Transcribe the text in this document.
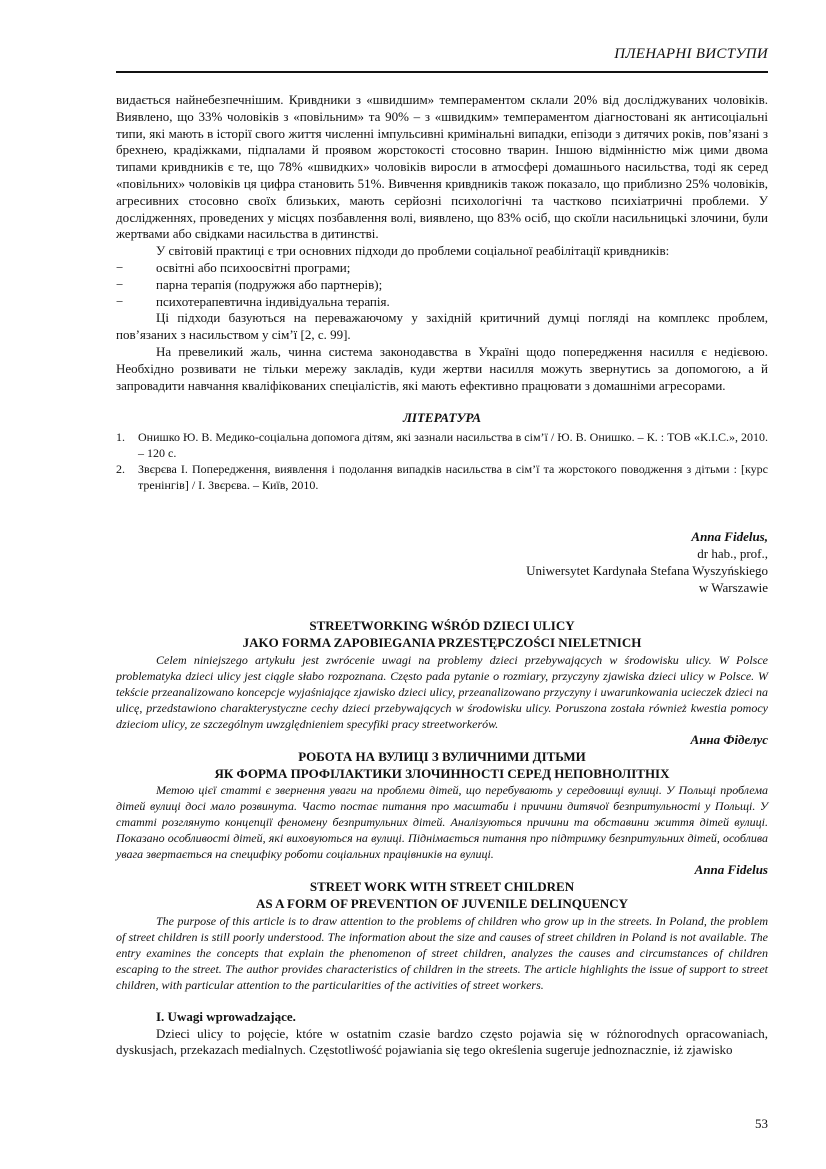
ПЛЕНАРНІ ВИСТУПИ

видається найнебезпечнішим. Кривдники з «швидшим» темпераментом склали 20% від досліджуваних чоловіків. Виявлено, що 33% чоловіків з «повільним» та 90% – з «швидким» темпераментом діагностовані як антисоціальні типи, які мають в історії свого життя численні імпульсивні кримінальні випадки, епізоди з дитячих років, пов’язані з брехнею, крадіжками, підпалами й проявом жорстокості стосовно тварин. Іншою відмінністю між цими двома типами кривдників є те, що 78% «швидких» чоловіків виросли в атмосфері домашнього насильства, тоді як серед «повільних» чоловіків ця цифра становить 51%. Вивчення кривдників також показало, що приблизно 25% чоловіків, агресивних стосовно своїх близьких, мають серйозні психологічні та частково психіатричні проблеми. У дослідженнях, проведених у місцях позбавлення волі, виявлено, що 83% осіб, що скоїли насильницькі злочини, були жертвами або свідками насильства в дитинстві.

У світовій практиці є три основних підходи до проблеми соціальної реабілітації кривдників:

− освітні або психоосвітні програми;
− парна терапія (подружжя або партнерів);
− психотерапевтична індивідуальна терапія.

Ці підходи базуються на переважаючому у західній критичний думці погляді на комплекс проблем, пов’язаних з насильством у сім’ї [2, с. 99].

На превеликий жаль, чинна система законодавства в Україні щодо попередження насилля є недієвою. Необхідно розвивати не тільки мережу закладів, куди жертви насилля можуть звернутись за допомогою, а й запровадити навчання кваліфікованих спеціалістів, які мають ефективно працювати з домашніми агресорами.

ЛІТЕРАТУРА
1. Онишко Ю. В. Медико-соціальна допомога дітям, які зазнали насильства в сім’ї / Ю. В. Онишко. – К. : ТОВ «К.І.С.», 2010. – 120 с.
2. Звєрєва І. Попередження, виявлення і подолання випадків насильства в сім’ї та жорстокого поводження з дітьми : [курс тренінгів] / І. Звєрєва. – Київ, 2010.
Anna Fidelus,
dr hab., prof.,
Uniwersytet Kardynała Stefana Wyszyńskiego
w Warszawie
STREETWORKING WŚRÓD DZIECI ULICY
JAKO FORMA ZAPOBIEGANIA PRZESTĘPCZOŚCI NIELETNICH

Celem niniejszego artykułu jest zwrócenie uwagi na problemy dzieci przebywających w środowisku ulicy. W Polsce problematyka dzieci ulicy jest ciągle słabo rozpoznana. Często pada pytanie o rozmiary, przyczyny zjawiska dzieci ulicy w Polsce. W tekście przeanalizowano koncepcje wyjaśniające zjawisko dzieci ulicy, przeanalizowano przyczyny i uwarunkowania ucieczek dzieci na ulicę, przedstawiono charakterystyczne cechy dzieci przebywających w środowisku ulicy. Poruszona została również kwestia pomocy dzieciom ulicy, ze szczególnym uwzględnieniem specyfiki pracy streetworkerów.

Анна Фіделус
РОБОТА НА ВУЛИЦІ З ВУЛИЧНИМИ ДІТЬМИ
ЯК ФОРМА ПРОФІЛАКТИКИ ЗЛОЧИННОСТІ СЕРЕД НЕПОВНОЛІТНІХ

Метою цієї статті є звернення уваги на проблеми дітей, що перебувають у середовищі вулиці. У Польщі проблема дітей вулиці досі мало розвинута. Часто постає питання про масштаби і причини дитячої безпритульності у Польщі. У статті розглянуто концепції феномену безпритульних дітей. Аналізуються причини та обставини життя дітей вулиці. Показано особливості дітей, які виховуються на вулиці. Піднімається питання про підтримку безпритульних дітей, особлива увага звертається на специфіку роботи соціальних працівників на вулиці.

Anna Fidelus
STREET WORK WITH STREET CHILDREN
AS A FORM OF PREVENTION OF JUVENILE DELINQUENCY

The purpose of this article is to draw attention to the problems of children who grow up in the streets. In Poland, the problem of street children is still poorly understood. The information about the size and causes of street children in Poland is not available. The entry examines the concepts that explain the phenomenon of street children, analyzes the causes and circumstances of children escaping to the street. The author provides characteristics of children in the streets. The article highlights the issue of support to street children, with particular attention to the particularities of the activities of street workers.

I. Uwagi wprowadzające.

Dzieci ulicy to pojęcie, które w ostatnim czasie bardzo często pojawia się w różnorodnych opracowaniach, dyskusjach, przekazach medialnych. Częstotliwość pojawiania się tego określenia sugeruje jednoznacznie, iż zjawisko

53
